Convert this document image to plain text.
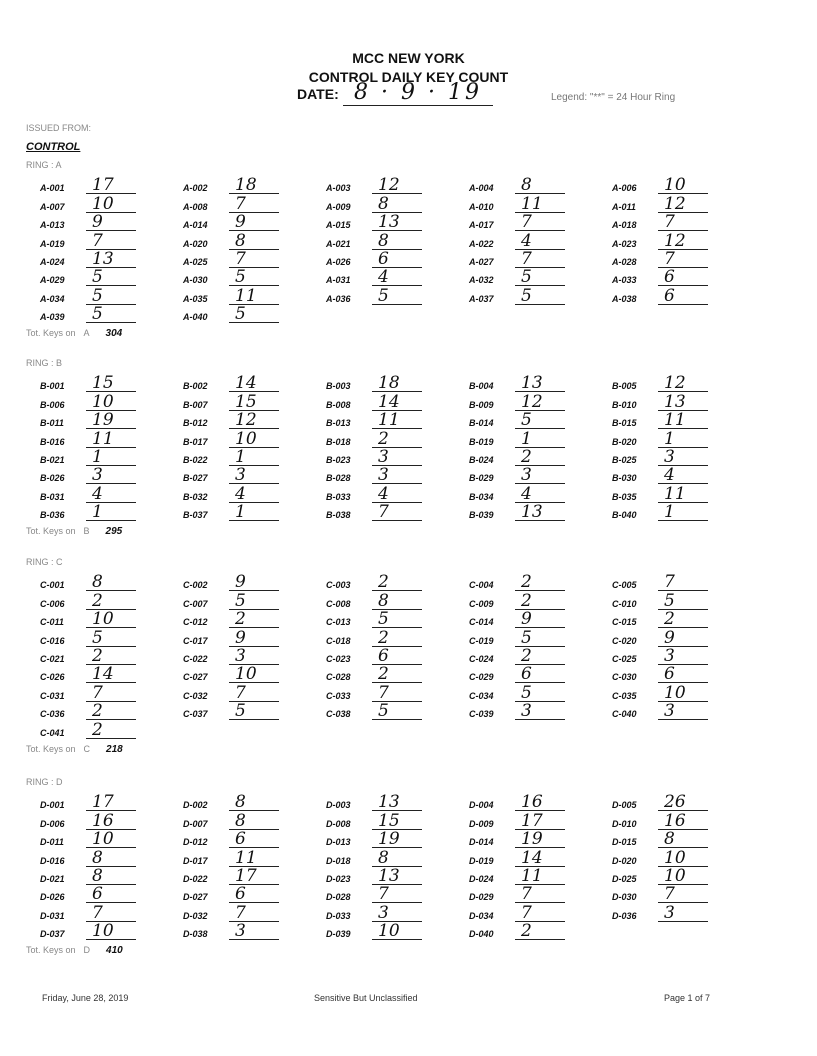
MCC NEW YORK
CONTROL DAILY KEY COUNT
DATE: 8 · 9 · 19	Legend: "**" = 24 Hour Ring
ISSUED FROM:
CONTROL
RING : A
A-001	17	A-002	18	A-003	12	A-004	8	A-006	10
A-007	10	A-008	7	A-009	8	A-010	11	A-011	12
A-013	9	A-014	9	A-015	13	A-017	7	A-018	7
A-019	7	A-020	8	A-021	8	A-022	4	A-023	12
A-024	13	A-025	7	A-026	6	A-027	7	A-028	7
A-029	5	A-030	5	A-031	4	A-032	5	A-033	6
A-034	5	A-035	11	A-036	5	A-037	5	A-038	6
A-039	5	A-040	5
Tot. Keys on A 304
RING : B
B-001	15	B-002	14	B-003	18	B-004	13	B-005	12
B-006	10	B-007	15	B-008	14	B-009	12	B-010	13
B-011	19	B-012	12	B-013	11	B-014	5	B-015	11
B-016	11	B-017	10	B-018	2	B-019	1	B-020	1
B-021	1	B-022	1	B-023	3	B-024	2	B-025	3
B-026	3	B-027	3	B-028	3	B-029	3	B-030	4
B-031	4	B-032	4	B-033	4	B-034	4	B-035	11
B-036	1	B-037	1	B-038	7	B-039	13	B-040	1
Tot. Keys on B 295
RING : C
C-001	8	C-002	9	C-003	2	C-004	2	C-005	7
C-006	2	C-007	5	C-008	8	C-009	2	C-010	5
C-011	10	C-012	2	C-013	5	C-014	9	C-015	2
C-016	5	C-017	9	C-018	2	C-019	5	C-020	9
C-021	2	C-022	3	C-023	6	C-024	2	C-025	3
C-026	14	C-027	10	C-028	2	C-029	6	C-030	6
C-031	7	C-032	7	C-033	7	C-034	5	C-035	10
C-036	2	C-037	5	C-038	5	C-039	3	C-040	3
C-041	2
Tot. Keys on C 218
RING : D
D-001	17	D-002	8	D-003	13	D-004	16	D-005	26
D-006	16	D-007	8	D-008	15	D-009	17	D-010	16
D-011	10	D-012	6	D-013	19	D-014	19	D-015	8
D-016	8	D-017	11	D-018	8	D-019	14	D-020	10
D-021	8	D-022	17	D-023	13	D-024	11	D-025	10
D-026	6	D-027	6	D-028	7	D-029	7	D-030	7
D-031	7	D-032	7	D-033	3	D-034	7	D-036	3
D-037	10	D-038	3	D-039	10	D-040	2
Tot. Keys on D 410
Friday, June 28, 2019	Sensitive But Unclassified	Page 1 of 7
